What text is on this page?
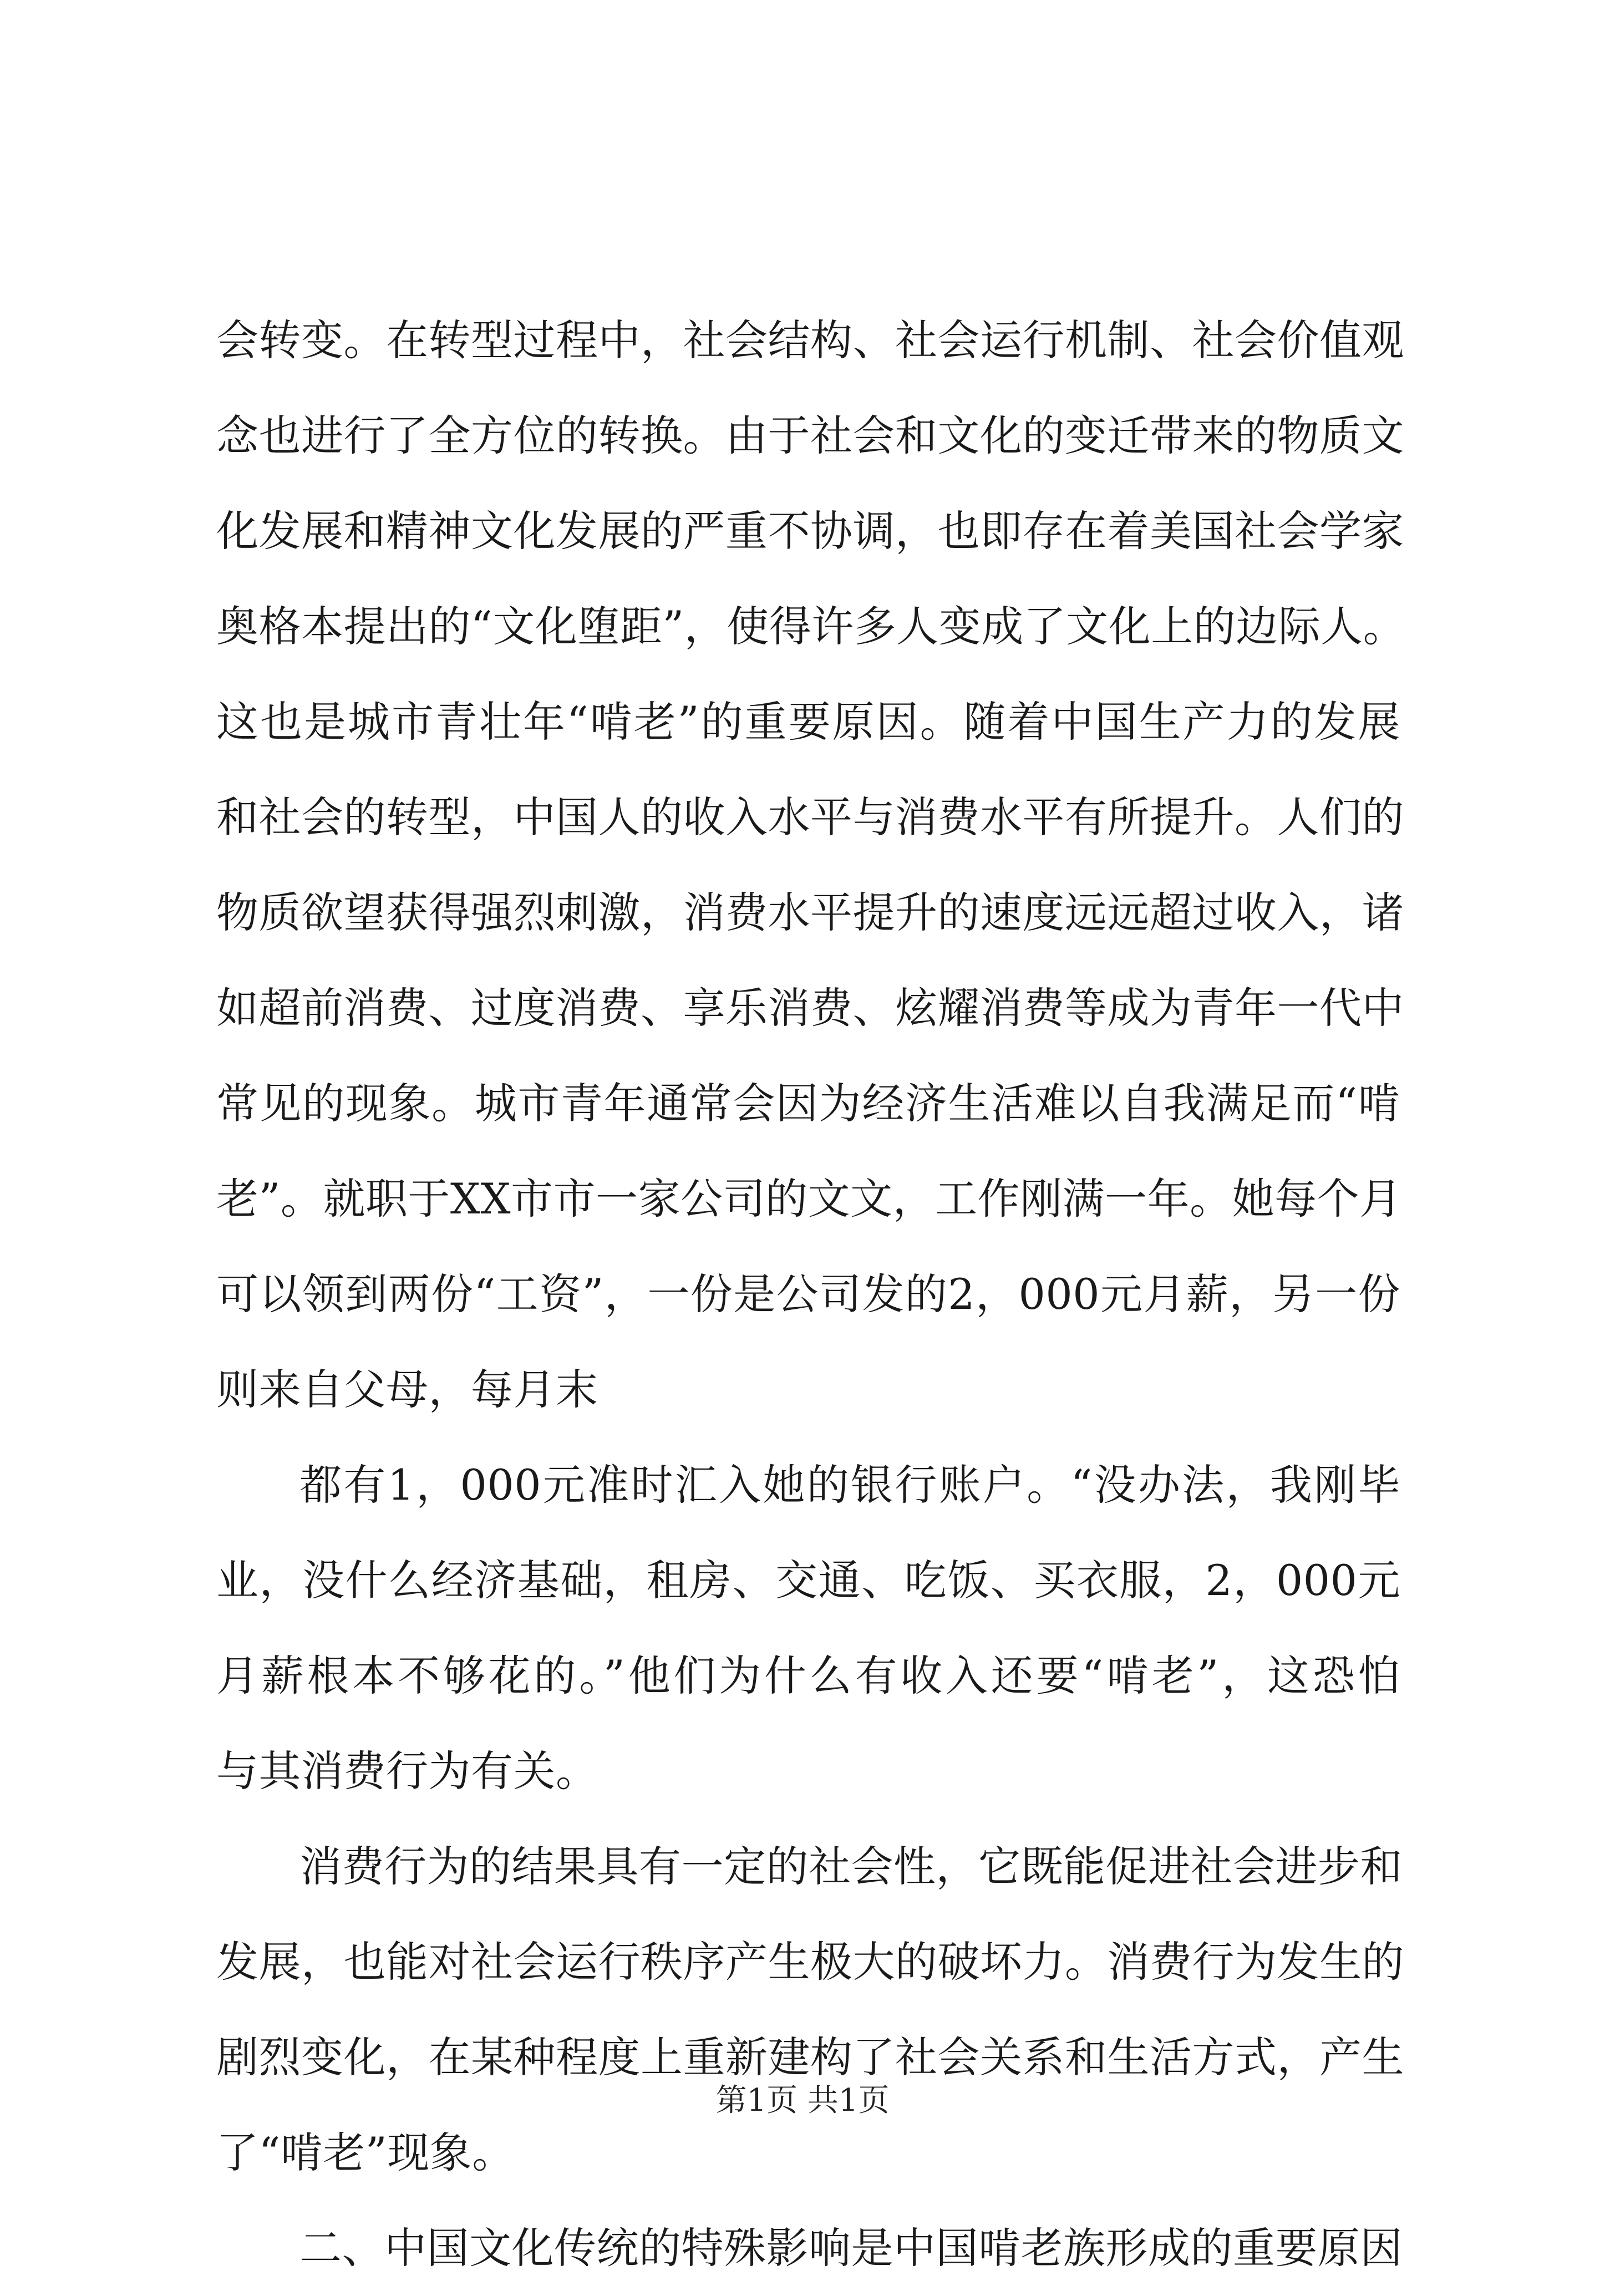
会转变。在转型过程中，社会结构、社会运行机制、社会价值观
念也进行了全方位的转换。由于社会和文化的变迁带来的物质文
化发展和精神文化发展的严重不协调，也即存在着美国社会学家
奥格本提出的“文化堕距”，使得许多人变成了文化上的边际人。
这也是城市青壮年“啃老”的重要原因。随着中国生产力的发展
和社会的转型，中国人的收入水平与消费水平有所提升。人们的
物质欲望获得强烈刺激，消费水平提升的速度远远超过收入，诸
如超前消费、过度消费、享乐消费、炫耀消费等成为青年一代中
常见的现象。城市青年通常会因为经济生活难以自我满足而“啃
老”。就职于XX市市一家公司的文文，工作刚满一年。她每个月
可以领到两份“工资”，一份是公司发的2，000元月薪，另一份
则来自父母，每月末
都有1，000元准时汇入她的银行账户。“没办法，我刚毕
业，没什么经济基础，租房、交通、吃饭、买衣服，2，000元
月薪根本不够花的。”他们为什么有收入还要“啃老”，这恐怕
与其消费行为有关。
消费行为的结果具有一定的社会性，它既能促进社会进步和
发展，也能对社会运行秩序产生极大的破坏力。消费行为发生的
剧烈变化，在某种程度上重新建构了社会关系和生活方式，产生
了“啃老”现象。
二、中国文化传统的特殊影响是中国啃老族形成的重要原因
第1页 共1页
